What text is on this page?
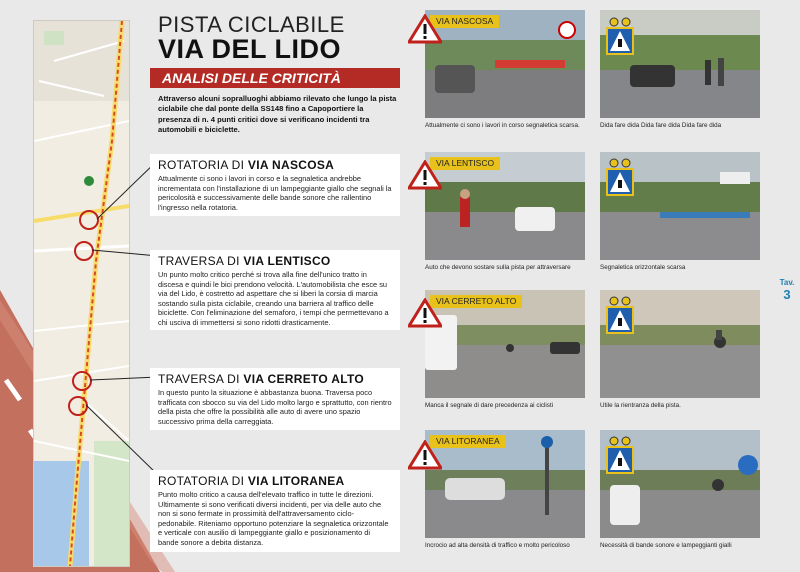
PISTA CICLABILE
VIA DEL LIDO
ANALISI DELLE CRITICITÀ
Attraverso alcuni sopralluoghi abbiamo rilevato che lungo la pista ciclabile che dal ponte della SS148 fino a Capoportiere la presenza di n. 4 punti critici dove si verificano incidenti tra automobili e biciclette.
ROTATORIA DI VIA NASCOSA

Attualmente ci sono i lavori in corso e la segnaletica andrebbe incrementata con l'installazione di un lampeggiante giallo che segnali la pericolosità e successivamente delle bande sonore che rallentino l'ingresso nella rotatoria.

TRAVERSA DI VIA LENTISCO

Un punto molto critico perché si trova alla fine dell'unico tratto in discesa e quindi le bici prendono velocità. L'automobilista che esce su via del Lido, è costretto ad aspettare che si liberi la corsia di marcia sostando sulla pista ciclabile, creando una barriera al traffico delle biciclette. Con l'eliminazione del semaforo, i tempi che permettevano a chi usciva di immettersi si sono ridotti drasticamente.

TRAVERSA DI VIA CERRETO ALTO

In questo punto la situazione è abbastanza buona. Traversa poco trafficata con sbocco su via del Lido molto largo e sprattutto, con rientro della pista che offre la possibilità alle auto di avere uno spazio successivo prima della carreggiata.

ROTATORIA DI VIA LITORANEA

Punto molto critico a causa dell'elevato traffico in tutte le direzioni. Ultimamente si sono verificati diversi incidenti, per via delle auto che non si sono fermate in prossimità dell'attraversamento ciclo-pedonabile. Riteniamo opportuno potenziare la segnaletica orizzontale e verticale con ausilio di lampeggiante giallo e posizionamento di bande sonore a debita distanza.

VIA NASCOSA
Attualmente ci sono i lavori in corso segnaletica scarsa.	Dida fare dida Dida fare dida Dida fare dida
VIA LENTISCO
Auto che devono sostare sulla pista per attraversare	Segnaletica orizzontale scarsa
VIA CERRETO ALTO
Manca il segnale di dare precedenza ai ciclisti	Utile la rientranza della pista.
VIA LITORANEA
Incrocio ad alta densità di traffico e molto pericoloso	Necessità di bande sonore e lampeggianti gialli
Tav.
3
